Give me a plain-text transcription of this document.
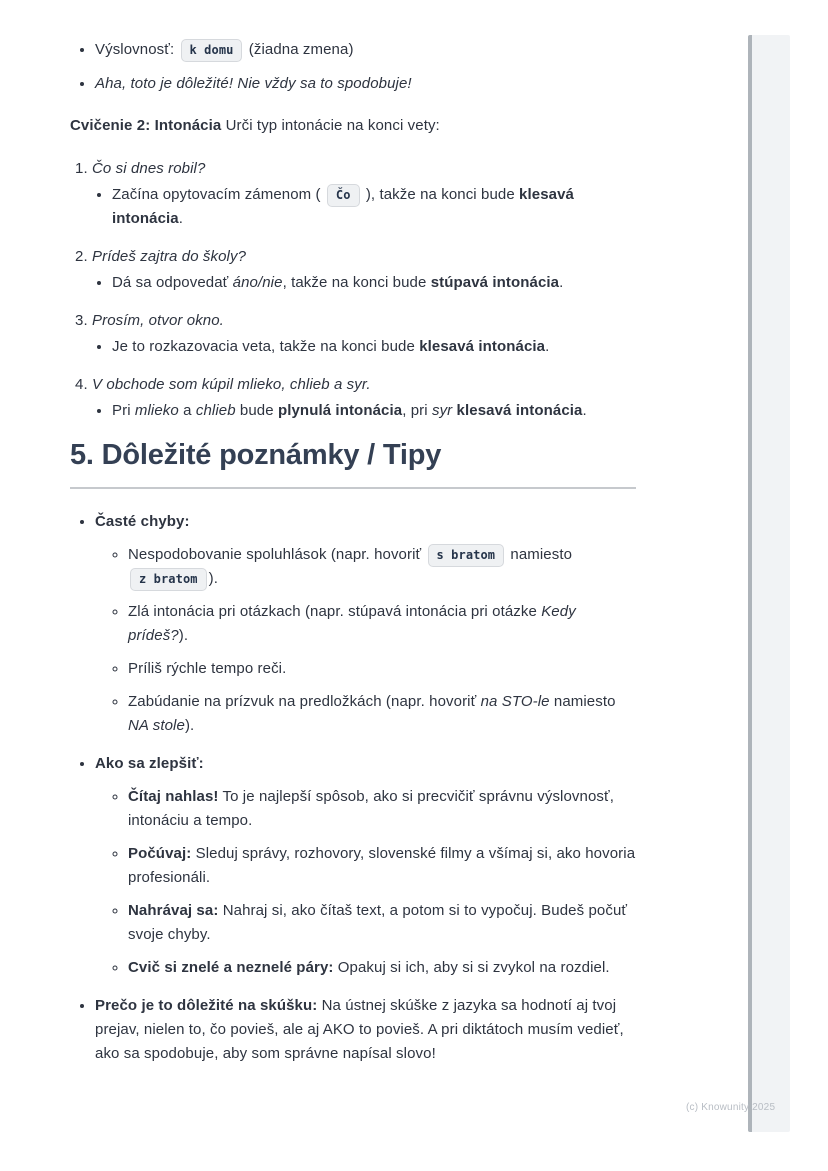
• Výslovnosť: k domu (žiadna zmena)
• Aha, toto je dôležité! Nie vždy sa to spodobuje!

Cvičenie 2: Intonácia Urči typ intonácie na konci vety:

1. Čo si dnes robil?
• Začína opytovacím zámenom ( Čo ), takže na konci bude klesavá intonácia.
2. Prídeš zajtra do školy?
• Dá sa odpovedať áno/nie, takže na konci bude stúpavá intonácia.
3. Prosím, otvor okno.
• Je to rozkazovacia veta, takže na konci bude klesavá intonácia.
4. V obchode som kúpil mlieko, chlieb a syr.
• Pri mlieko a chlieb bude plynulá intonácia, pri syr klesavá intonácia.
5. Dôležité poznámky / Tipy
• Časté chyby:
◦ Nespodobovanie spoluhlások (napr. hovoriť s bratom namiesto z bratom ).
◦ Zlá intonácia pri otázkach (napr. stúpavá intonácia pri otázke Kedy prídeš?).
◦ Príliš rýchle tempo reči.
◦ Zabúdanie na prízvuk na predložkách (napr. hovoriť na STO-le namiesto NA stole).
• Ako sa zlepšiť:
◦ Čítaj nahlas! To je najlepší spôsob, ako si precvičiť správnu výslovnosť, intonáciu a tempo.
◦ Počúvaj: Sleduj správy, rozhovory, slovenské filmy a všímaj si, ako hovoria profesionáli.
◦ Nahrávaj sa: Nahraj si, ako čítaš text, a potom si to vypočuj. Budeš počuť svoje chyby.
◦ Cvič si znelé a neznelé páry: Opakuj si ich, aby si si zvykol na rozdiel.
• Prečo je to dôležité na skúšku: Na ústnej skúške z jazyka sa hodnotí aj tvoj prejav, nielen to, čo povieš, ale aj AKO to povieš. A pri diktátoch musím vedieť, ako sa spodobuje, aby som správne napísal slovo!
(c) Knowunity 2025
